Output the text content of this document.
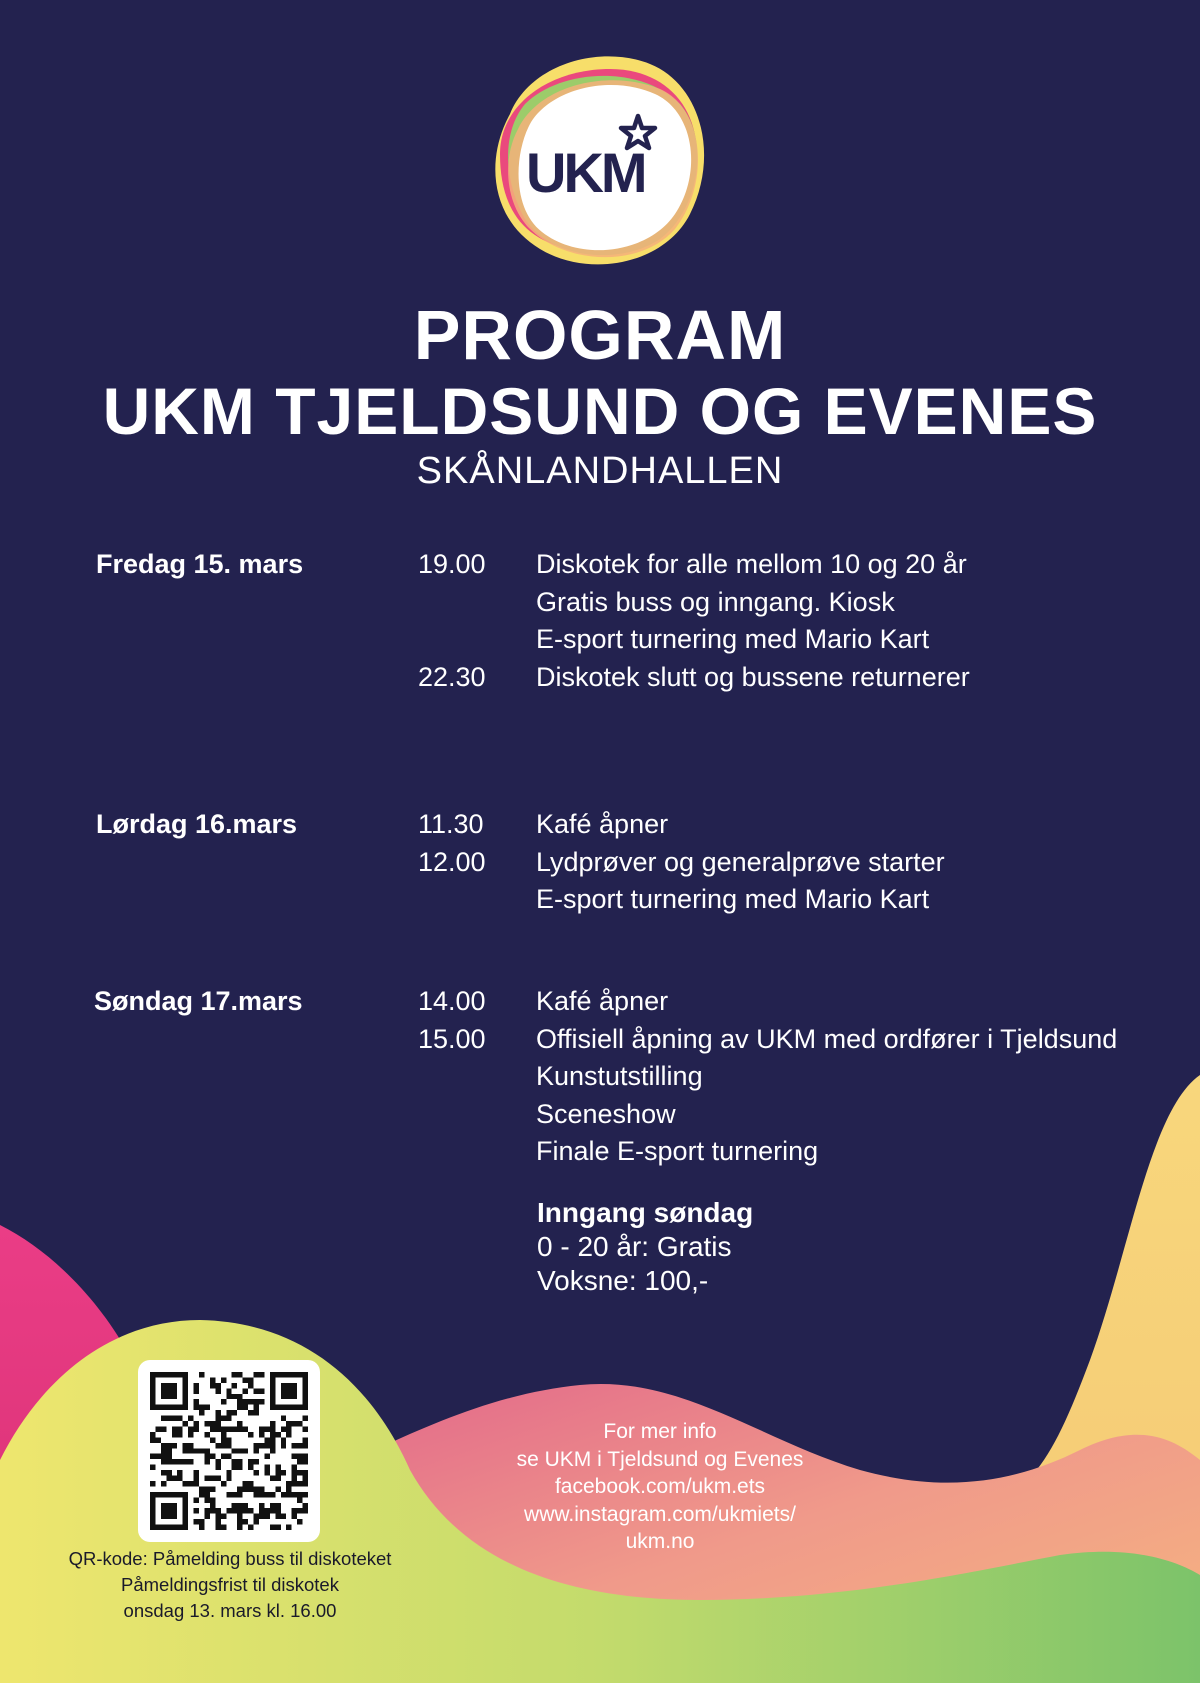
UKM
PROGRAM
UKM TJELDSUND OG EVENES
SKÅNLANDHALLEN
Fredag 15. mars	19.00	Diskotek for alle mellom 10 og 20 år
Gratis buss og inngang. Kiosk
E-sport turnering med Mario Kart
22.30	Diskotek slutt og bussene returnerer
Lørdag 16.mars	11.30	Kafé åpner
12.00	Lydprøver og generalprøve starter
E-sport turnering med Mario Kart
Søndag 17.mars	14.00	Kafé åpner
15.00	Offisiell åpning av UKM med ordfører i Tjeldsund
Kunstutstilling
Sceneshow
Finale E-sport turnering
Inngang søndag
0 - 20 år: Gratis
Voksne: 100,-
QR-kode: Påmelding buss til diskoteket
Påmeldingsfrist til diskotek
onsdag 13. mars kl. 16.00
For mer info
se UKM i Tjeldsund og Evenes
facebook.com/ukm.ets
www.instagram.com/ukmiets/
ukm.no
